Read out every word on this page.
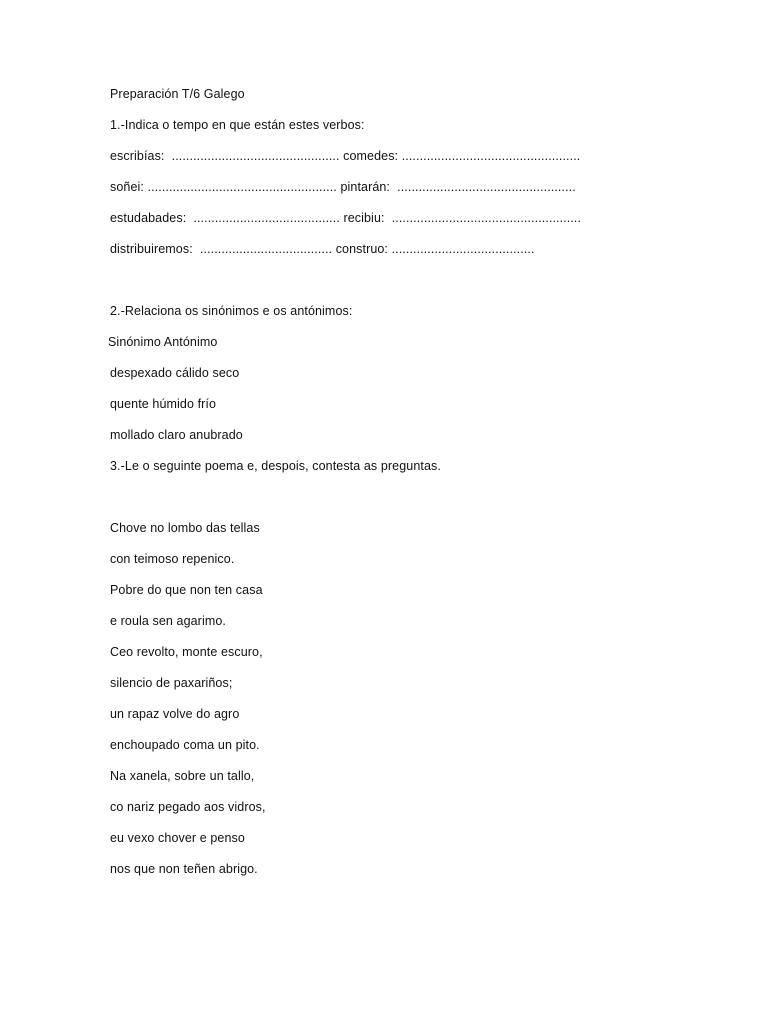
Preparación T/6 Galego
1.-Indica o tempo en que están estes verbos:
escribías:  ............................................... comedes: ..................................................
soñei: ..................................................... pintarán:  ..................................................
estudabades:  ......................................... recibiu:  .....................................................
distribuiremos:  ..................................... construo: ........................................
2.-Relaciona os sinónimos e os antónimos:
Sinónimo Antónimo
despexado cálido seco
quente húmido frío
mollado claro anubrado
3.-Le o seguinte poema e, despois, contesta as preguntas.
Chove no lombo das tellas
con teimoso repenico.
Pobre do que non ten casa
e roula sen agarimo.
Ceo revolto, monte escuro,
silencio de paxariños;
un rapaz volve do agro
enchoupado coma un pito.
Na xanela, sobre un tallo,
co nariz pegado aos vidros,
eu vexo chover e penso
nos que non teñen abrigo.
